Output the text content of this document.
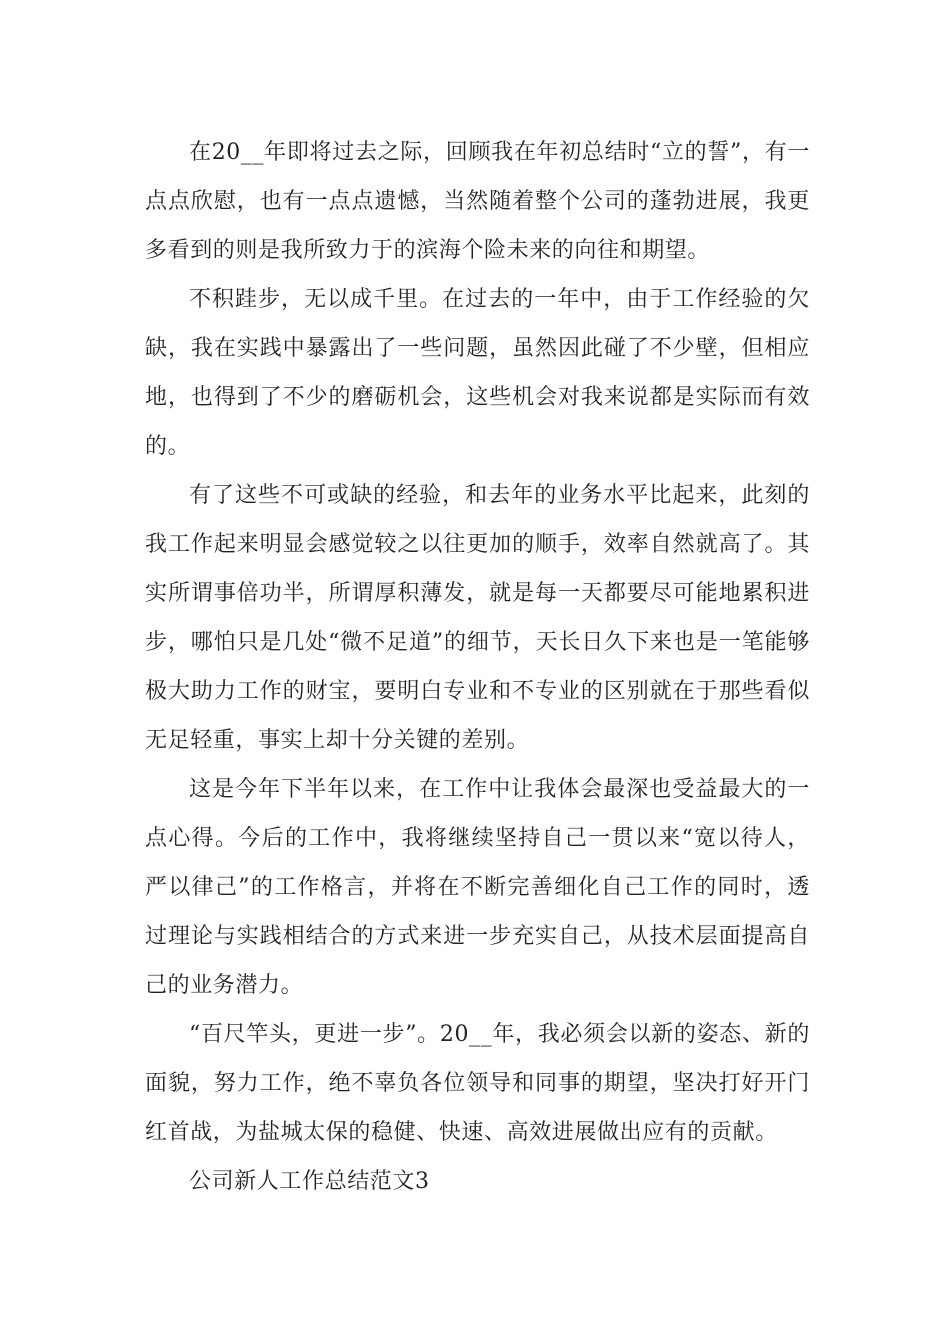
在20__年即将过去之际，回顾我在年初总结时“立的誓”，有一点点欣慰，也有一点点遗憾，当然随着整个公司的蓬勃进展，我更多看到的则是我所致力于的滨海个险未来的向往和期望。

不积跬步，无以成千里。在过去的一年中，由于工作经验的欠缺，我在实践中暴露出了一些问题，虽然因此碰了不少壁，但相应地，也得到了不少的磨砺机会，这些机会对我来说都是实际而有效的。

有了这些不可或缺的经验，和去年的业务水平比起来，此刻的我工作起来明显会感觉较之以往更加的顺手，效率自然就高了。其实所谓事倍功半，所谓厚积薄发，就是每一天都要尽可能地累积进步，哪怕只是几处“微不足道”的细节，天长日久下来也是一笔能够极大助力工作的财宝，要明白专业和不专业的区别就在于那些看似无足轻重，事实上却十分关键的差别。

这是今年下半年以来，在工作中让我体会最深也受益最大的一点心得。今后的工作中，我将继续坚持自己一贯以来“宽以待人，严以律己”的工作格言，并将在不断完善细化自己工作的同时，透过理论与实践相结合的方式来进一步充实自己，从技术层面提高自己的业务潜力。

“百尺竿头，更进一步”。20__年，我必须会以新的姿态、新的面貌，努力工作，绝不辜负各位领导和同事的期望，坚决打好开门红首战，为盐城太保的稳健、快速、高效进展做出应有的贡献。

公司新人工作总结范文3
